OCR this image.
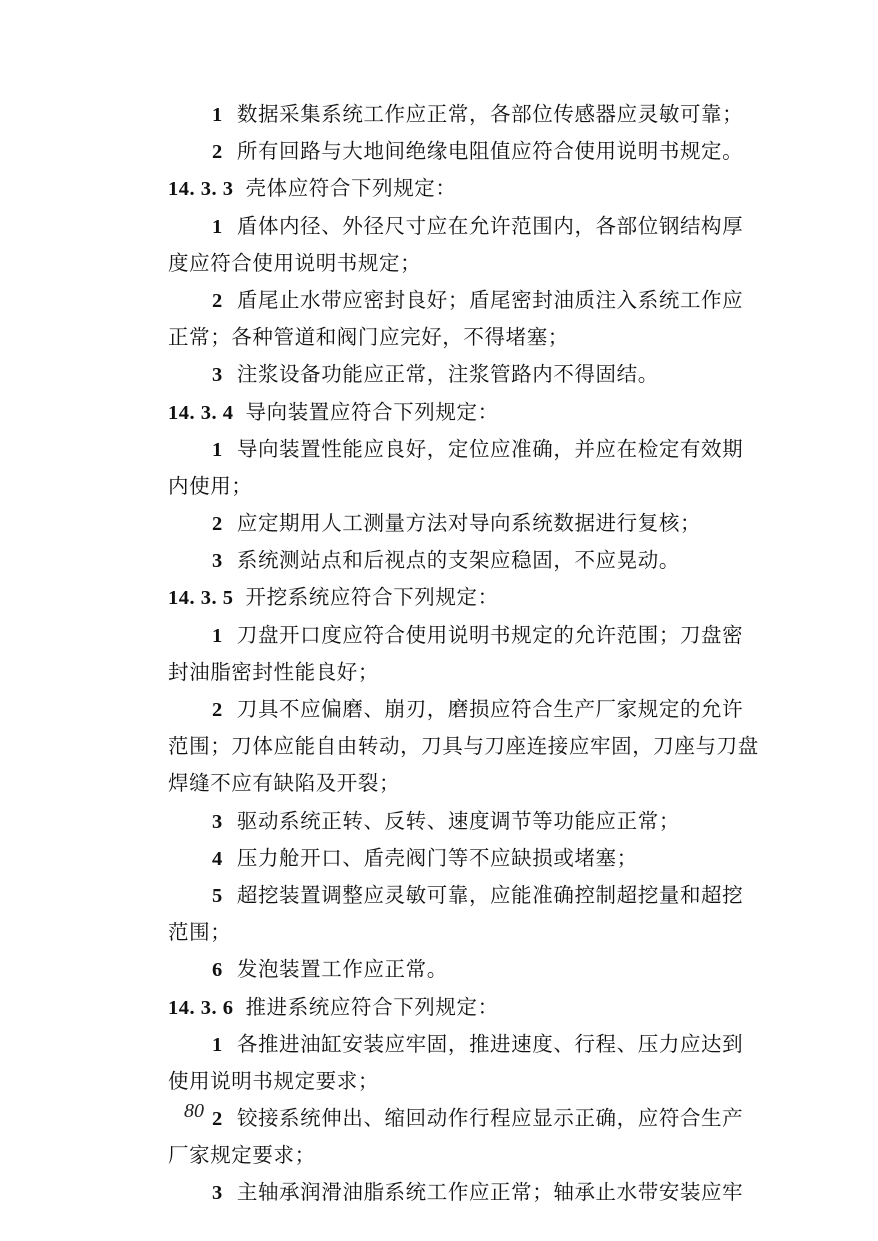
1 数据采集系统工作应正常，各部位传感器应灵敏可靠；
2 所有回路与大地间绝缘电阻值应符合使用说明书规定。
14. 3. 3 壳体应符合下列规定：
1 盾体内径、外径尺寸应在允许范围内，各部位钢结构厚
度应符合使用说明书规定；
2 盾尾止水带应密封良好；盾尾密封油质注入系统工作应
正常；各种管道和阀门应完好，不得堵塞；
3 注浆设备功能应正常，注浆管路内不得固结。
14. 3. 4 导向装置应符合下列规定：
1 导向装置性能应良好，定位应准确，并应在检定有效期
内使用；
2 应定期用人工测量方法对导向系统数据进行复核；
3 系统测站点和后视点的支架应稳固，不应晃动。
14. 3. 5 开挖系统应符合下列规定：
1 刀盘开口度应符合使用说明书规定的允许范围；刀盘密
封油脂密封性能良好；
2 刀具不应偏磨、崩刃，磨损应符合生产厂家规定的允许
范围；刀体应能自由转动，刀具与刀座连接应牢固，刀座与刀盘
焊缝不应有缺陷及开裂；
3 驱动系统正转、反转、速度调节等功能应正常；
4 压力舱开口、盾壳阀门等不应缺损或堵塞；
5 超挖装置调整应灵敏可靠，应能准确控制超挖量和超挖
范围；
6 发泡装置工作应正常。
14. 3. 6 推进系统应符合下列规定：
1 各推进油缸安装应牢固，推进速度、行程、压力应达到
使用说明书规定要求；
2 铰接系统伸出、缩回动作行程应显示正确，应符合生产
厂家规定要求；
3 主轴承润滑油脂系统工作应正常；轴承止水带安装应牢
80
